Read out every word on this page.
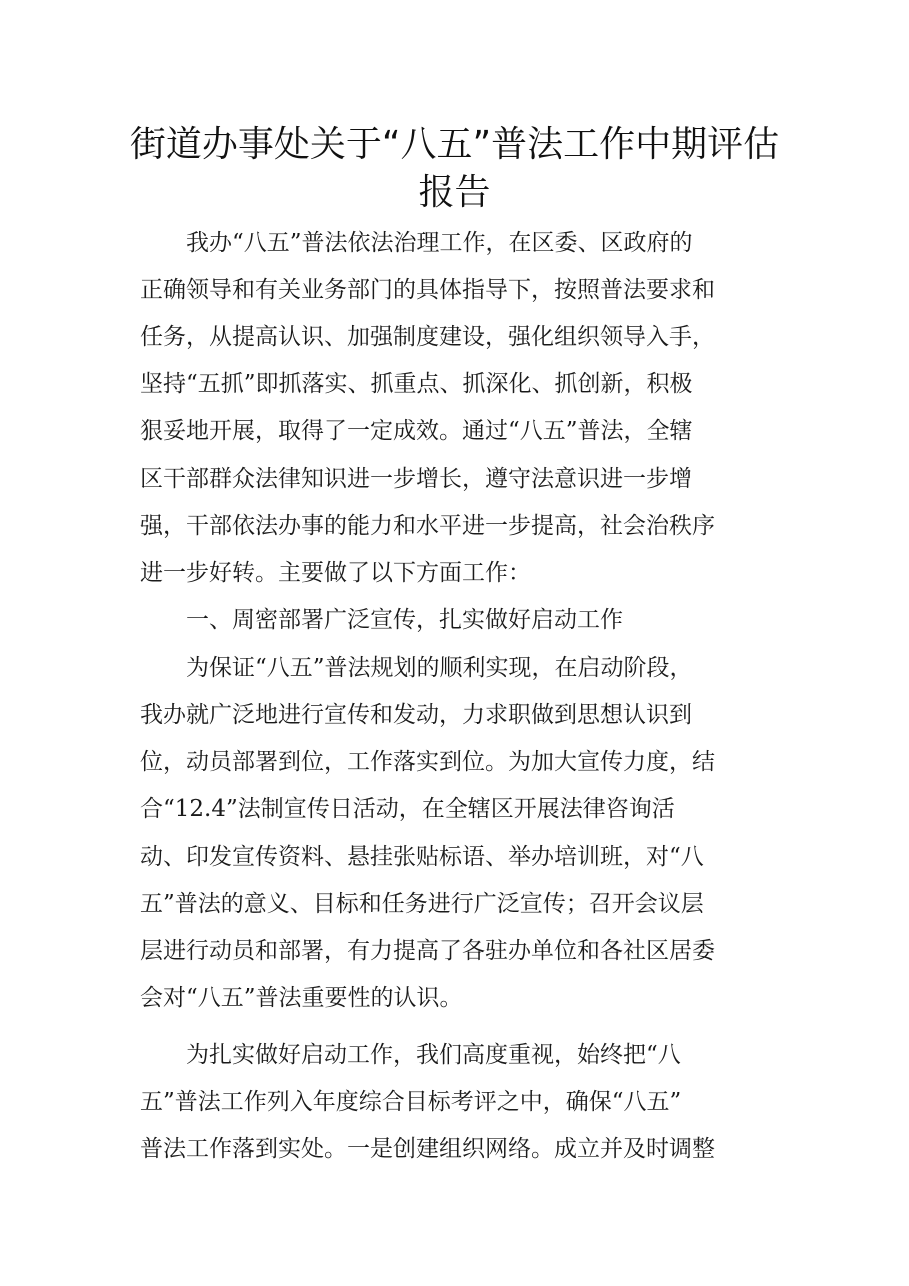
街道办事处关于“八五”普法工作中期评估
报告
　　我办“八五”普法依法治理工作，在区委、区政府的
正确领导和有关业务部门的具体指导下，按照普法要求和
任务，从提高认识、加强制度建设，强化组织领导入手，
坚持“五抓”即抓落实、抓重点、抓深化、抓创新，积极
狠妥地开展，取得了一定成效。通过“八五”普法，全辖
区干部群众法律知识进一步增长，遵守法意识进一步增
强，干部依法办事的能力和水平进一步提高，社会治秩序
进一步好转。主要做了以下方面工作：
　　一、周密部署广泛宣传，扎实做好启动工作
　　为保证“八五”普法规划的顺利实现，在启动阶段，
我办就广泛地进行宣传和发动，力求职做到思想认识到
位，动员部署到位，工作落实到位。为加大宣传力度，结
合“12.4”法制宣传日活动，在全辖区开展法律咨询活
动、印发宣传资料、悬挂张贴标语、举办培训班，对“八
五”普法的意义、目标和任务进行广泛宣传；召开会议层
层进行动员和部署，有力提高了各驻办单位和各社区居委
会对“八五”普法重要性的认识。
　　为扎实做好启动工作，我们高度重视，始终把“八
五”普法工作列入年度综合目标考评之中，确保“八五”
普法工作落到实处。一是创建组织网络。成立并及时调整
